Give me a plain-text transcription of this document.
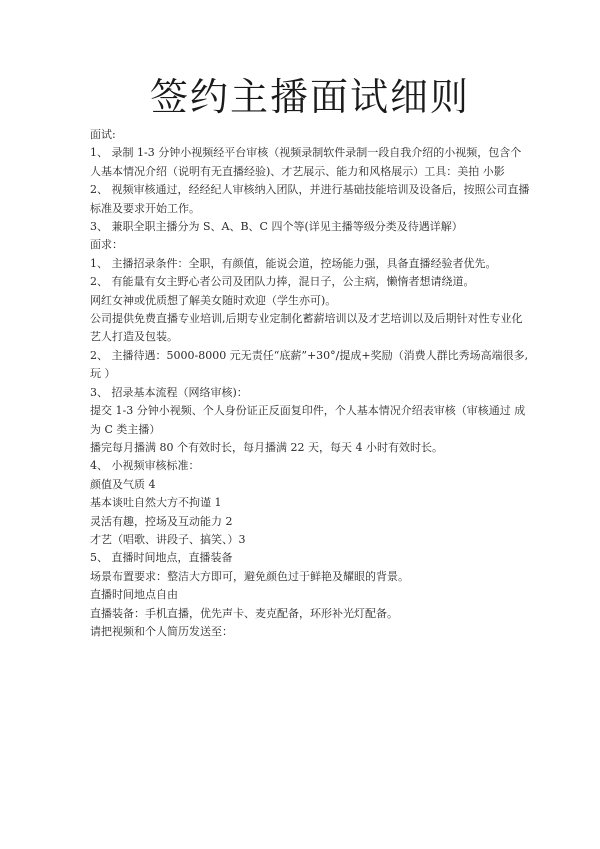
签约主播面试细则
面试:
1、 录制 1-3 分钟小视频经平台审核（视频录制软件录制一段自我介绍的小视频，包含个人基本情况介绍（说明有无直播经验)、才艺展示、能力和风格展示）工具：美拍 小影
2、 视频审核通过，经经纪人审核纳入团队，并进行基础技能培训及设备后，按照公司直播标准及要求开始工作。
3、 兼职全职主播分为 S、A、B、C 四个等(详见主播等级分类及待遇详解）
面求：
1、 主播招录条件：全职，有颜值，能说会道，控场能力强，具备直播经验者优先。
2、 有能量有女主野心者公司及团队力捧，混日子，公主病，懒惰者想请绕道。
网红女神或优质想了解美女随时欢迎（学生亦可)。
公司提供免费直播专业培训,后期专业定制化蓄薪培训以及才艺培训以及后期针对性专业化艺人打造及包装。
2、 主播待遇：5000-8000 元无责任“底薪”+30°/提成+奖励（消费人群比秀场高端很多,玩 ）
3、 招录基本流程（网络审核)：
提交 1-3 分钟小视频、个人身份证正反面复印件，个人基本情况介绍表审核（审核通过 成为 C 类主播）
播完每月播满 80 个有效时长，每月播满 22 天，每天 4 小时有效时长。
4、 小视频审核标准：
颜值及气质 4
基本谈吐自然大方不拘谨 1
灵活有趣，控场及互动能力 2
才艺（唱歌、讲段子、搞笑、）3
5、 直播时间地点，直播装备
场景布置要求：整洁大方即可，避免颜色过于鲜艳及耀眼的背景。
直播时间地点自由
直播装备：手机直播，优先声卡、麦克配备，环形补光灯配备。
请把视频和个人简历发送至：
